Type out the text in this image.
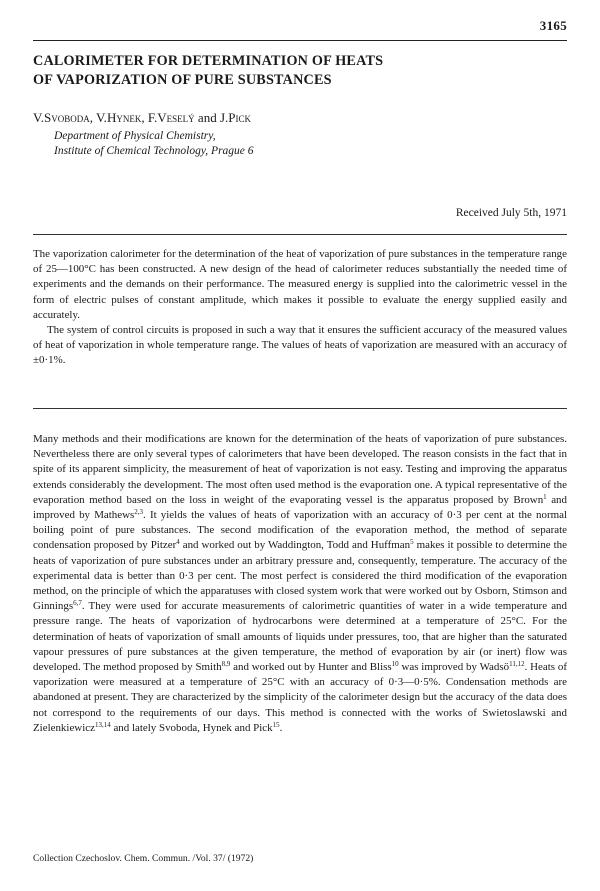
3165
CALORIMETER FOR DETERMINATION OF HEATS
OF VAPORIZATION OF PURE SUBSTANCES
V.Svoboda, V.Hynek, F.Veselý and J.Pick
Department of Physical Chemistry,
Institute of Chemical Technology, Prague 6
Received July 5th, 1971

The vaporization calorimeter for the determination of the heat of vaporization of pure substances in the temperature range of 25—100°C has been constructed. A new design of the head of calorimeter reduces substantially the needed time of experiments and the demands on their performance. The measured energy is supplied into the calorimetric vessel in the form of electric pulses of constant amplitude, which makes it possible to evaluate the energy supplied easily and accurately.

The system of control circuits is proposed in such a way that it ensures the sufficient accuracy of the measured values of heat of vaporization in whole temperature range. The values of heats of vaporization are measured with an accuracy of ±0·1%.

Many methods and their modifications are known for the determination of the heats of vaporization of pure substances. Nevertheless there are only several types of calorimeters that have been developed. The reason consists in the fact that in spite of its apparent simplicity, the measurement of heat of vaporization is not easy. Testing and improving the apparatus extends considerably the development. The most often used method is the evaporation one. A typical representative of the evaporation method based on the loss in weight of the evaporating vessel is the apparatus proposed by Brown$^1$ and improved by Mathews$^{2,3}$. It yields the values of heats of vaporization with an accuracy of 0·3 per cent at the normal boiling point of pure substances. The second modification of the evaporation method, the method of separate condensation proposed by Pitzer$^4$ and worked out by Waddington, Todd and Huffman$^5$ makes it possible to determine the heats of vaporization of pure substances under an arbitrary pressure and, consequently, temperature. The accuracy of the experimental data is better than 0·3 per cent. The most perfect is considered the third modification of the evaporation method, on the principle of which the apparatuses with closed system work that were worked out by Osborn, Stimson and Ginnings$^{6,7}$. They were used for accurate measurements of calorimetric quantities of water in a wide temperature and pressure range. The heats of vaporization of hydrocarbons were determined at a temperature of 25°C. For the determination of heats of vaporization of small amounts of liquids under pressures, too, that are higher than the saturated vapour pressures of pure substances at the given temperature, the method of evaporation by air (or inert) flow was developed. The method proposed by Smith$^{8,9}$ and worked out by Hunter and Bliss$^{10}$ was improved by Wadsö$^{11,12}$. Heats of vaporization were measured at a temperature of 25°C with an accuracy of 0·3—0·5%. Condensation methods are abandoned at present. They are characterized by the simplicity of the calorimeter design but the accuracy of the data does not correspond to the requirements of our days. This method is connected with the works of Swietoslawski and Zielenkiewicz$^{13,14}$ and lately Svoboda, Hynek and Pick$^{15}$.

Collection Czechoslov. Chem. Commun. /Vol. 37/ (1972)
